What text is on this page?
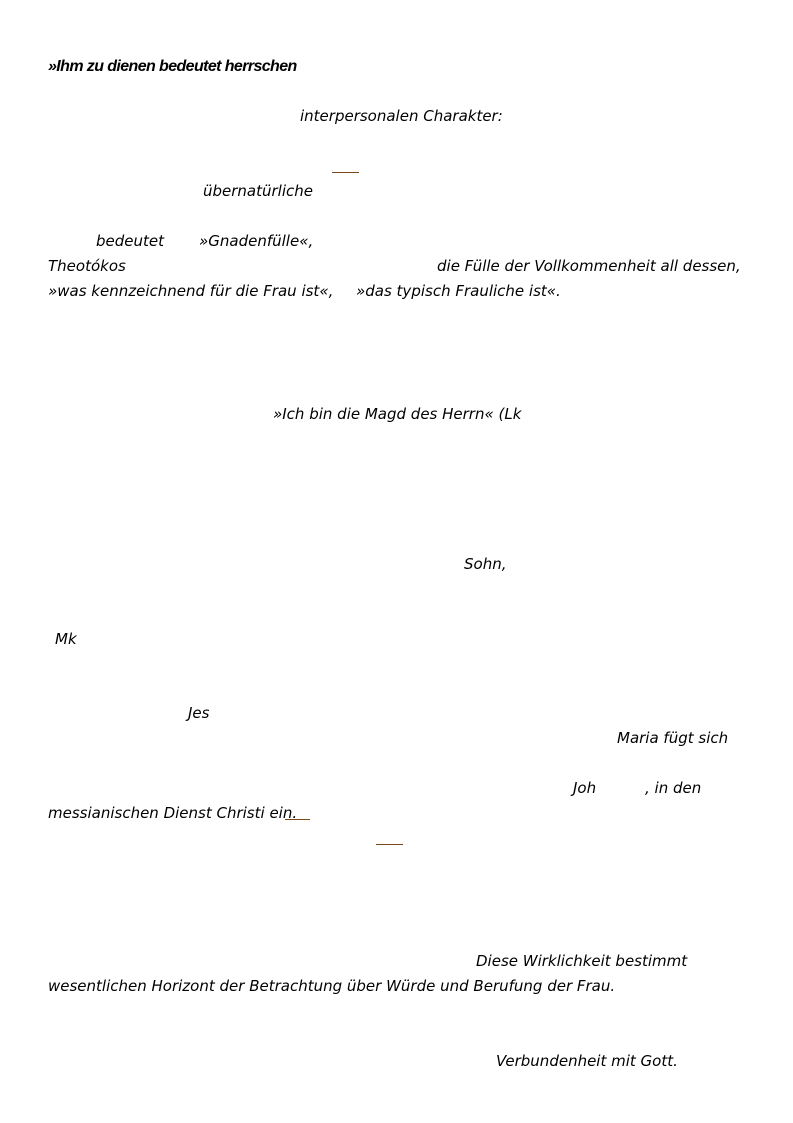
»Ihm zu dienen bedeutet herrschen
interpersonalen Charakter:
übernatürliche
bedeutet »Gnadenfülle«,
Theotókos	die Fülle der Vollkommenheit all dessen,
»was kennzeichnend für die Frau ist«, »das typisch Frauliche ist«.
»Ich bin die Magd des Herrn« (Lk
Sohn,
Mk
Jes
Maria fügt sich
Joh	, in den
messianischen Dienst Christi ein.
Diese Wirklichkeit bestimmt
wesentlichen Horizont der Betrachtung über Würde und Berufung der Frau.
Verbundenheit mit Gott.
